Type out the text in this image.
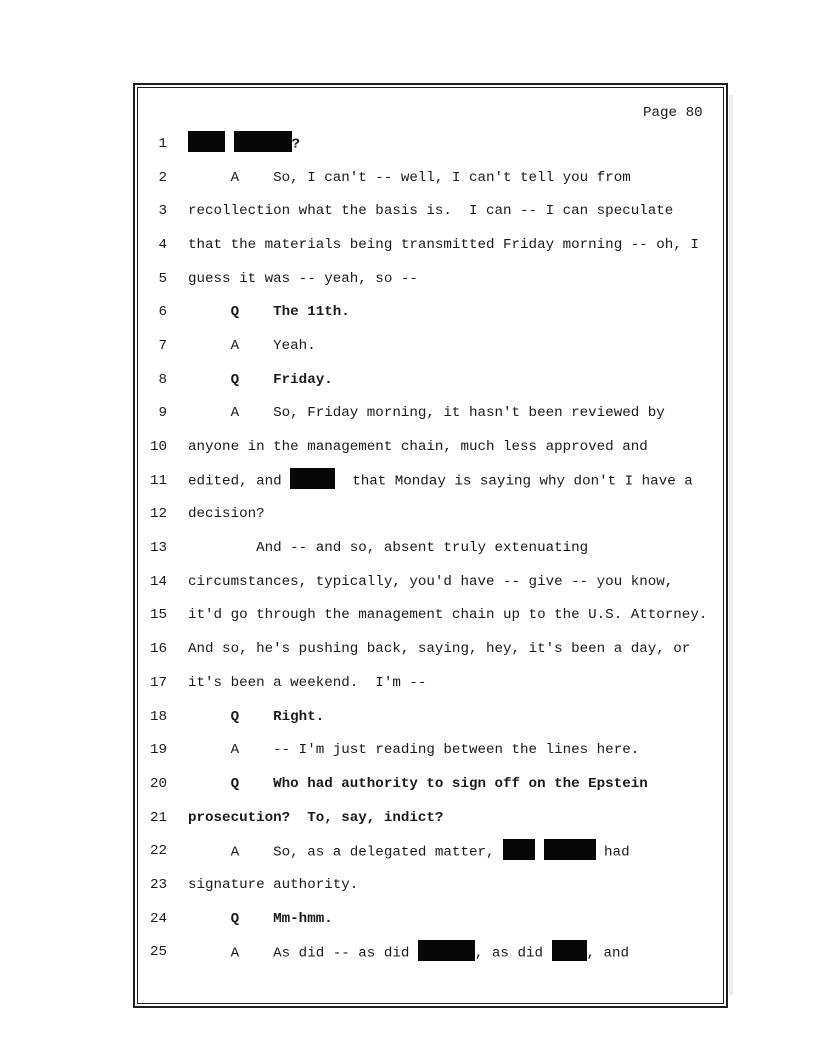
Page 80
1	?
2 A    So, I can't -- well, I can't tell you from
3 recollection what the basis is.  I can -- I can speculate
4 that the materials being transmitted Friday morning -- oh, I
5 guess it was -- yeah, so --
6 Q    The 11th.
7 A    Yeah.
8 Q    Friday.
9 A    So, Friday morning, it hasn't been reviewed by
10 anyone in the management chain, much less approved and
11 edited, and	that Monday is saying why don't I have a
12 decision?
13 And -- and so, absent truly extenuating
14 circumstances, typically, you'd have -- give -- you know,
15 it'd go through the management chain up to the U.S. Attorney.
16 And so, he's pushing back, saying, hey, it's been a day, or
17 it's been a weekend.  I'm --
18 Q    Right.
19 A    -- I'm just reading between the lines here.
20 Q    Who had authority to sign off on the Epstein
21 prosecution?  To, say, indict?
22 A    So, as a delegated matter,	had
23 signature authority.
24 Q    Mm-hmm.
25 A    As did -- as did	, as did , and
